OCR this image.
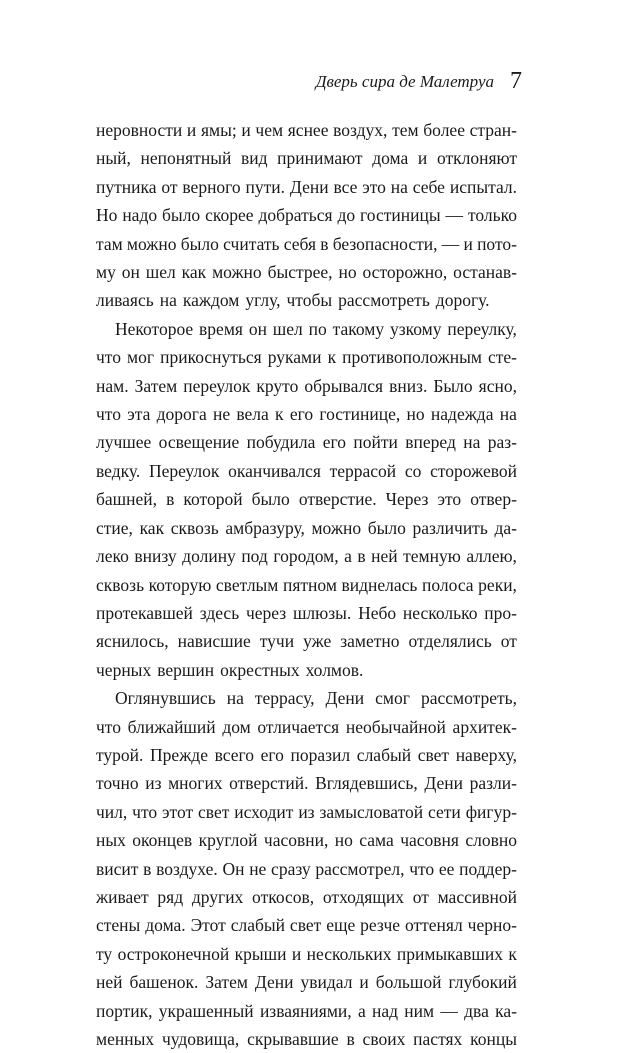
Дверь сира де Малетруа 7
неровности и ямы; и чем яснее воздух, тем более стран-
ный, непонятный вид принимают дома и отклоняют
путника от верного пути. Дени все это на себе испытал.
Но надо было скорее добраться до гостиницы — только
там можно было считать себя в безопасности, — и пото-
му он шел как можно быстрее, но осторожно, останав-
ливаясь на каждом углу, чтобы рассмотреть дорогу.
Некоторое время он шел по такому узкому переулку,
что мог прикоснуться руками к противоположным сте-
нам. Затем переулок круто обрывался вниз. Было ясно,
что эта дорога не вела к его гостинице, но надежда на
лучшее освещение побудила его пойти вперед на раз-
ведку. Переулок оканчивался террасой со сторожевой
башней, в которой было отверстие. Через это отвер-
стие, как сквозь амбразуру, можно было различить да-
леко внизу долину под городом, а в ней темную аллею,
сквозь которую светлым пятном виднелась полоса реки,
протекавшей здесь через шлюзы. Небо несколько про-
яснилось, нависшие тучи уже заметно отделялись от
черных вершин окрестных холмов.
Оглянувшись на террасу, Дени смог рассмотреть,
что ближайший дом отличается необычайной архитек-
турой. Прежде всего его поразил слабый свет наверху,
точно из многих отверстий. Вглядевшись, Дени разли-
чил, что этот свет исходит из замысловатой сети фигур-
ных оконцев круглой часовни, но сама часовня словно
висит в воздухе. Он не сразу рассмотрел, что ее поддер-
живает ряд других откосов, отходящих от массивной
стены дома. Этот слабый свет еще резче оттенял черно-
ту остроконечной крыши и нескольких примыкавших к
ней башенок. Затем Дени увидал и большой глубокий
портик, украшенный изваяниями, а над ним — два ка-
менных чудовища, скрывавшие в своих пастях концы
